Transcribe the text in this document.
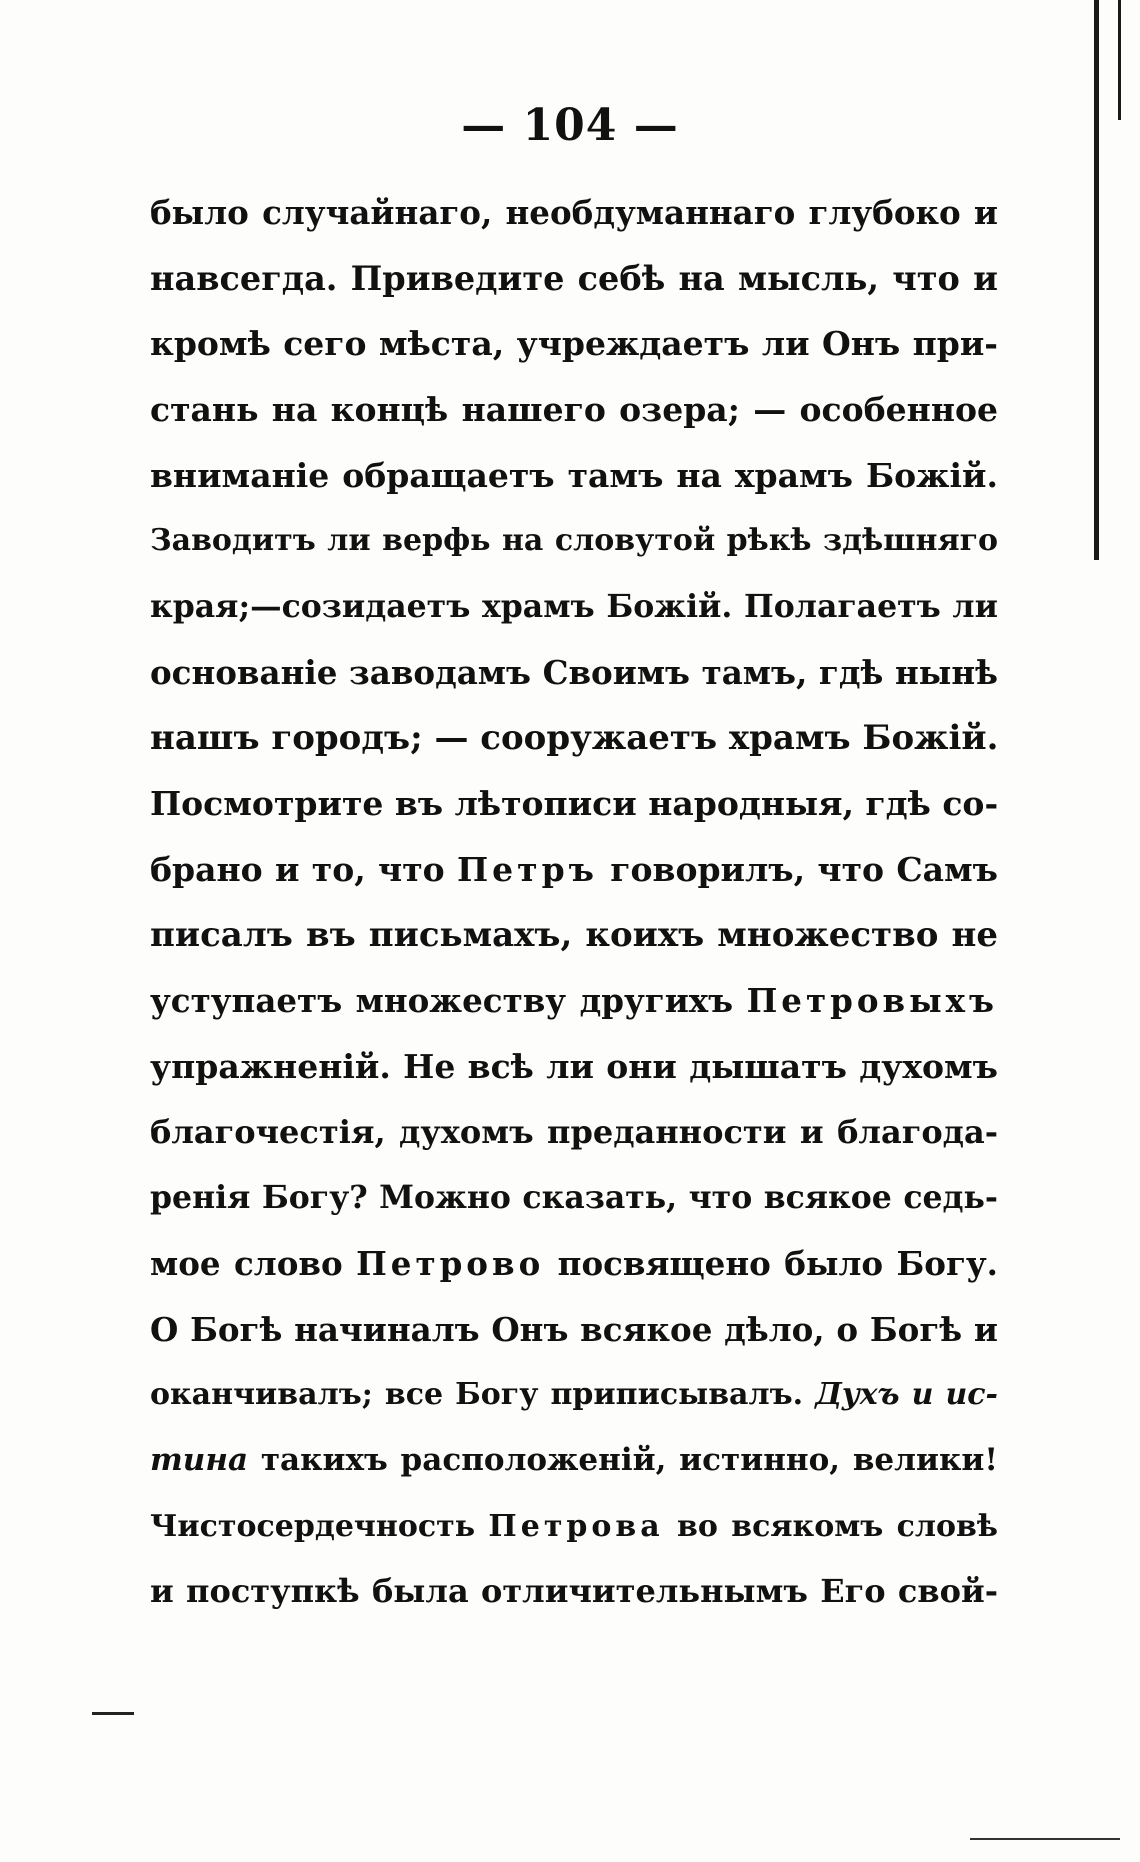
— 104 —
было случайнаго, необдуманнаго глубоко и
навсегда. Приведите себѣ на мысль, что и
кромѣ сего мѣста, учреждаетъ ли Онъ при-
стань на концѣ нашего озера; — особенное
вниманіе обращаетъ тамъ на храмъ Божій.
Заводитъ ли верфь на словутой рѣкѣ здѣшняго
края;—созидаетъ храмъ Божій. Полагаетъ ли
основаніе заводамъ Своимъ тамъ, гдѣ нынѣ
нашъ городъ; — сооружаетъ храмъ Божій.
Посмотрите въ лѣтописи народныя, гдѣ со-
брано и то, что Петръ говорилъ, что Самъ
писалъ въ письмахъ, коихъ множество не
уступаетъ множеству другихъ Петровыхъ
упражненій. Не всѣ ли они дышатъ духомъ
благочестія, духомъ преданности и благода-
ренія Богу? Можно сказать, что всякое седь-
мое слово Петрово посвящено было Богу.
О Богѣ начиналъ Онъ всякое дѣло, о Богѣ и
оканчивалъ; все Богу приписывалъ. Духъ и ис-
тина такихъ расположеній, истинно, велики!
Чистосердечность Петрова во всякомъ словѣ
и поступкѣ была отличительнымъ Его свой-
